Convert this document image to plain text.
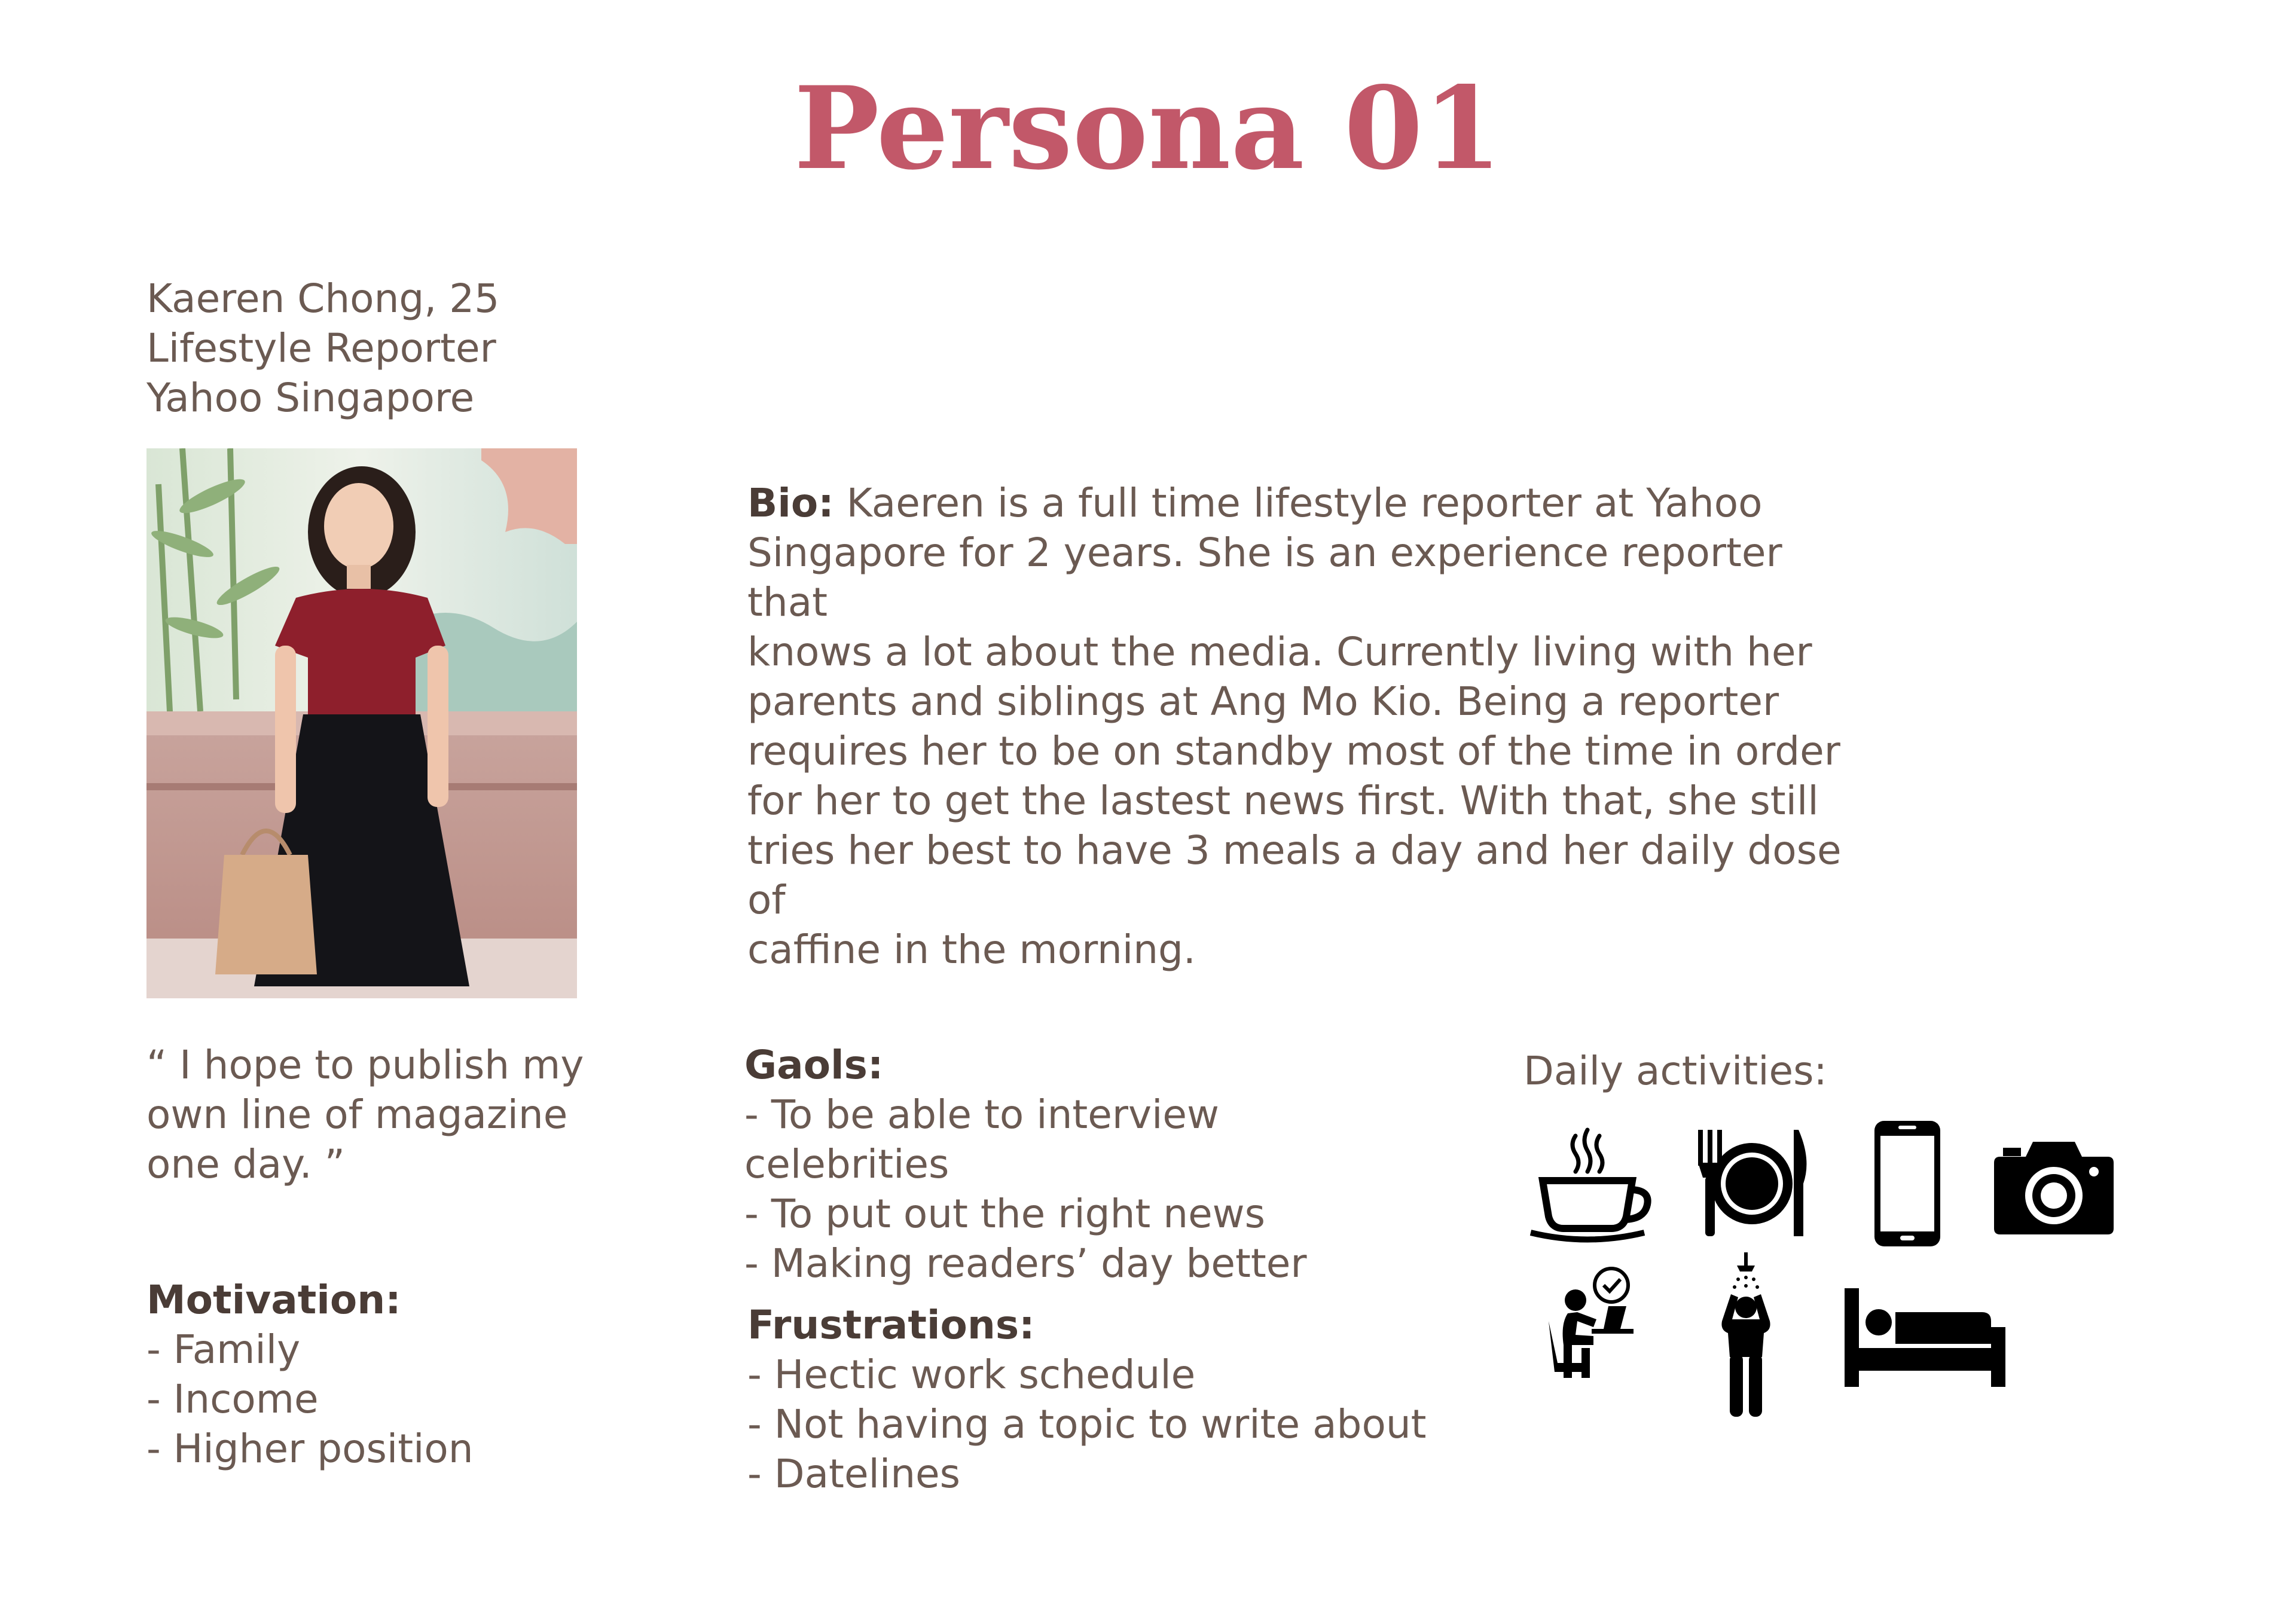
Persona 01
Kaeren Chong, 25
Lifestyle Reporter
Yahoo Singapore

Bio: Kaeren is a full time lifestyle reporter at Yahoo

Singapore for 2 years. She is an experience reporter that

knows a lot about the media. Currently living with her

parents and siblings at Ang Mo Kio. Being a reporter

requires her to be on standby most of the time in order

for her to get the lastest news first. With that, she still

tries her best to have 3 meals a day and her daily dose of

caffine in the morning.

“ I hope to publish my
own line of magazine
one day. ”
Motivation:
- Family
- Income
- Higher position
Gaols:
- To be able to interview
celebrities
- To put out the right news
- Making readers’ day better
Frustrations:
- Hectic work schedule
- Not having a topic to write about
- Datelines
Daily activities:
